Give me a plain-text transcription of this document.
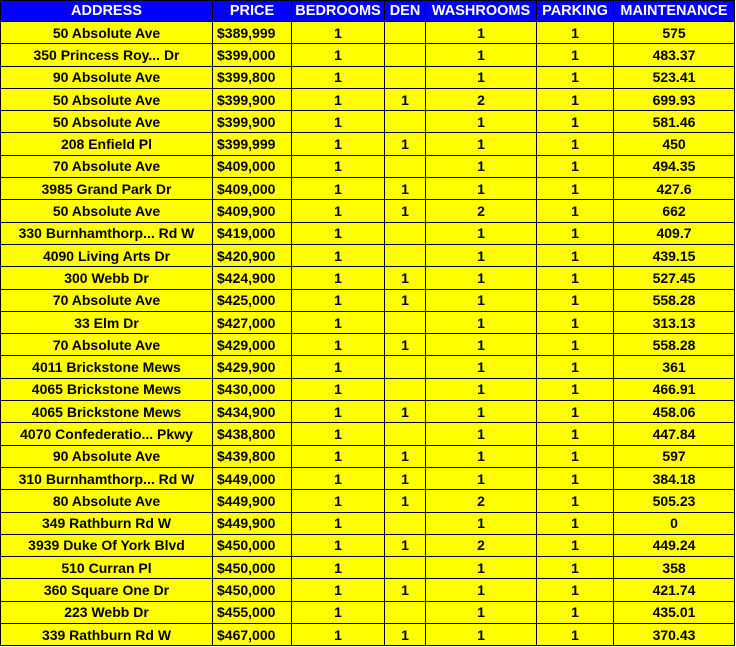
ADDRESS	PRICE	BEDROOMS	DEN	WASHROOMS	PARKING	MAINTENANCE
50 Absolute Ave	$389,999	1		1	1	575
350 Princess Roy... Dr	$399,000	1		1	1	483.37
90 Absolute Ave	$399,800	1		1	1	523.41
50 Absolute Ave	$399,900	1	1	2	1	699.93
50 Absolute Ave	$399,900	1		1	1	581.46
208 Enfield Pl	$399,999	1	1	1	1	450
70 Absolute Ave	$409,000	1		1	1	494.35
3985 Grand Park Dr	$409,000	1	1	1	1	427.6
50 Absolute Ave	$409,900	1	1	2	1	662
330 Burnhamthorp... Rd W	$419,000	1		1	1	409.7
4090 Living Arts Dr	$420,900	1		1	1	439.15
300 Webb Dr	$424,900	1	1	1	1	527.45
70 Absolute Ave	$425,000	1	1	1	1	558.28
33 Elm Dr	$427,000	1		1	1	313.13
70 Absolute Ave	$429,000	1	1	1	1	558.28
4011 Brickstone Mews	$429,900	1		1	1	361
4065 Brickstone Mews	$430,000	1		1	1	466.91
4065 Brickstone Mews	$434,900	1	1	1	1	458.06
4070 Confederatio... Pkwy	$438,800	1		1	1	447.84
90 Absolute Ave	$439,800	1	1	1	1	597
310 Burnhamthorp... Rd W	$449,000	1	1	1	1	384.18
80 Absolute Ave	$449,900	1	1	2	1	505.23
349 Rathburn Rd W	$449,900	1		1	1	0
3939 Duke Of York Blvd	$450,000	1	1	2	1	449.24
510 Curran Pl	$450,000	1		1	1	358
360 Square One Dr	$450,000	1	1	1	1	421.74
223 Webb Dr	$455,000	1		1	1	435.01
339 Rathburn Rd W	$467,000	1	1	1	1	370.43
